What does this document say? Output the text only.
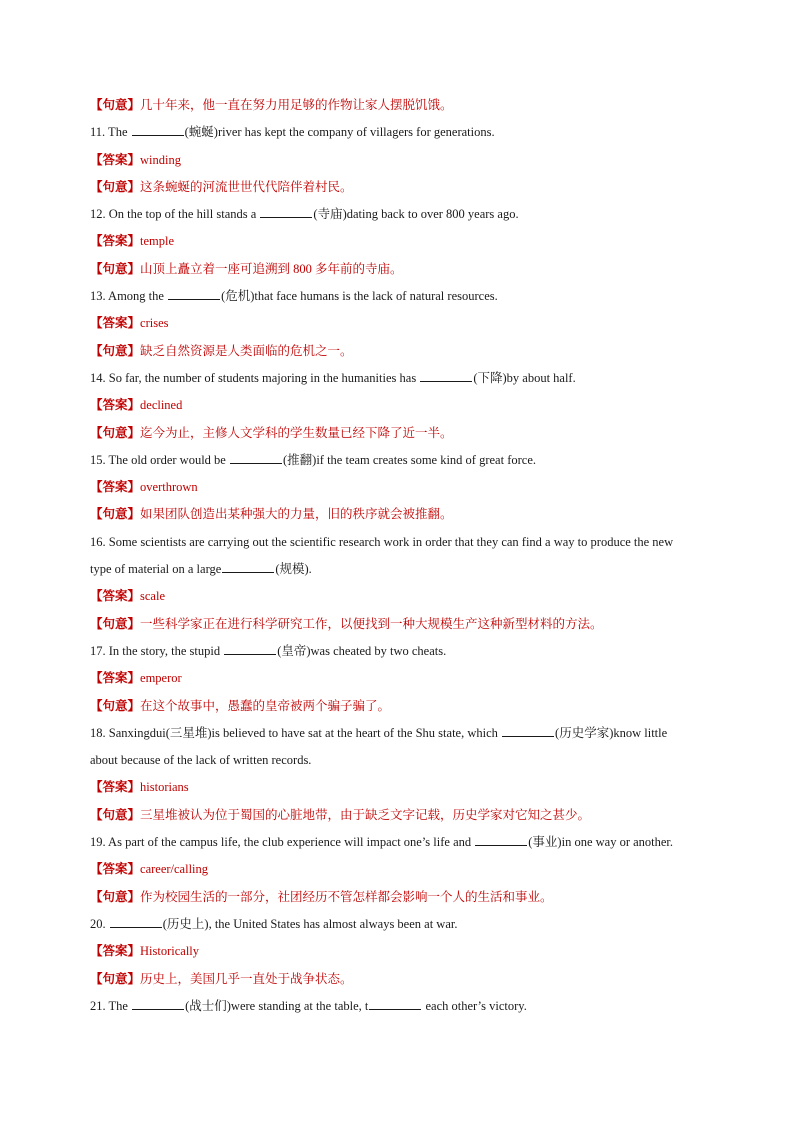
【句意】几十年来，他一直在努力用足够的作物让家人摆脱饥饿。
11. The	(蜿蜒)river has kept the company of villagers for generations.
【答案】winding
【句意】这条蜿蜒的河流世世代代陪伴着村民。
12. On the top of the hill stands a	(寺庙)dating back to over 800 years ago.
【答案】temple
【句意】山顶上矗立着一座可追溯到 800 多年前的寺庙。
13. Among the	(危机)that face humans is the lack of natural resources.
【答案】crises
【句意】缺乏自然资源是人类面临的危机之一。
14. So far, the number of students majoring in the humanities has	(下降)by about half.
【答案】declined
【句意】迄今为止，主修人文学科的学生数量已经下降了近一半。
15. The old order would be	(推翻)if the team creates some kind of great force.
【答案】overthrown
【句意】如果团队创造出某种强大的力量，旧的秩序就会被推翻。
16. Some scientists are carrying out the scientific research work in order that they can find a way to produce the new
type of material on a large	(规模).
【答案】scale
【句意】一些科学家正在进行科学研究工作，以便找到一种大规模生产这种新型材料的方法。
17. In the story, the stupid	(皇帝)was cheated by two cheats.
【答案】emperor
【句意】在这个故事中，愚蠢的皇帝被两个骗子骗了。
18. Sanxingdui(三星堆)is believed to have sat at the heart of the Shu state, which	(历史学家)know little
about because of the lack of written records.
【答案】historians
【句意】三星堆被认为位于蜀国的心脏地带，由于缺乏文字记载，历史学家对它知之甚少。
19. As part of the campus life, the club experience will impact one’s life and	(事业)in one way or another.
【答案】career/calling
【句意】作为校园生活的一部分，社团经历不管怎样都会影响一个人的生活和事业。
20.	(历史上), the United States has almost always been at war.
【答案】Historically
【句意】历史上，美国几乎一直处于战争状态。
21. The	(战士们)were standing at the table, t	each other’s victory.
